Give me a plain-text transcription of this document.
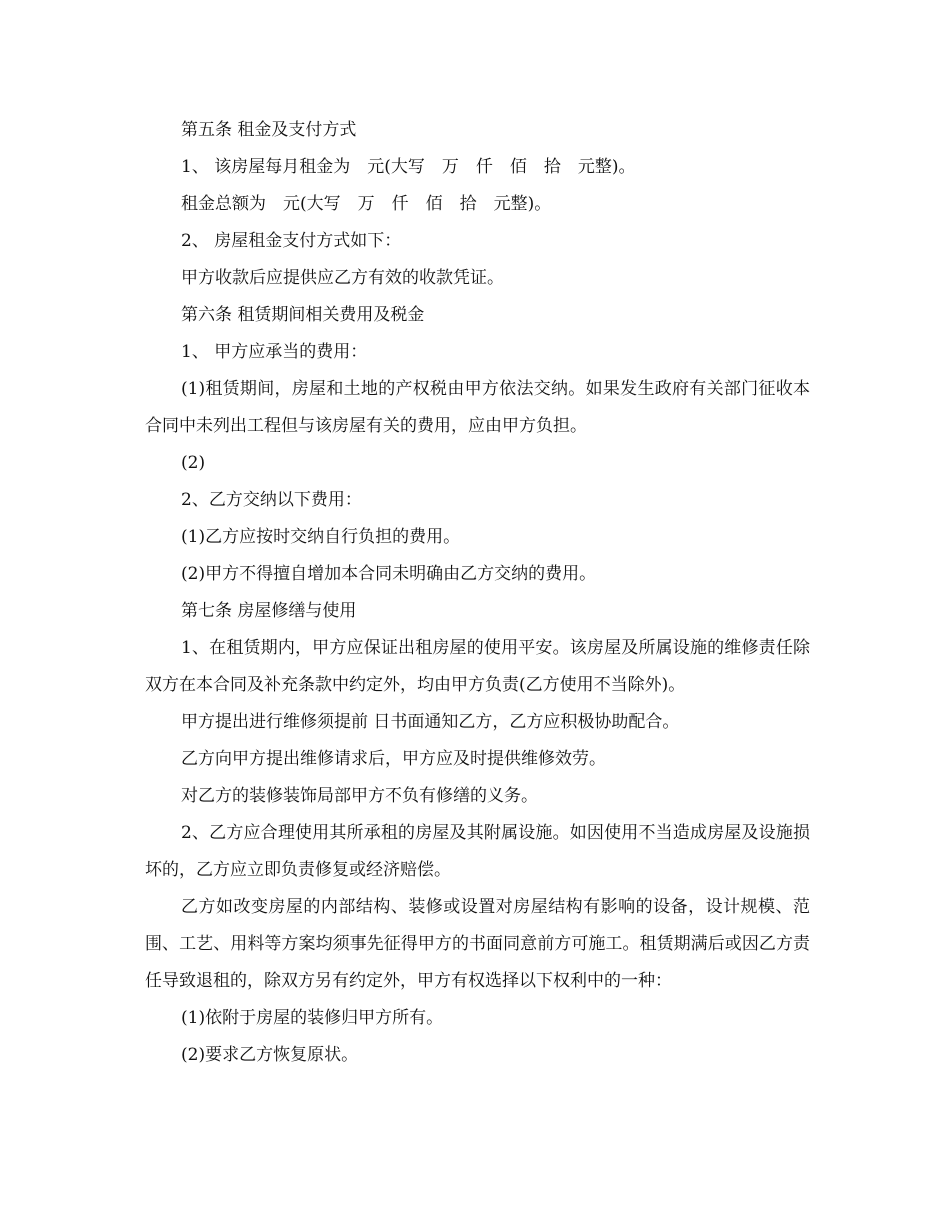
第五条 租金及支付方式

1、 该房屋每月租金为　元(大写　万　仟　佰　拾　元整)。

租金总额为　元(大写　万　仟　佰　拾　元整)。

2、 房屋租金支付方式如下：

甲方收款后应提供应乙方有效的收款凭证。

第六条 租赁期间相关费用及税金

1、 甲方应承当的费用：

(1)租赁期间，房屋和土地的产权税由甲方依法交纳。如果发生政府有关部门征收本合同中未列出工程但与该房屋有关的费用，应由甲方负担。

(2)

2、乙方交纳以下费用：

(1)乙方应按时交纳自行负担的费用。

(2)甲方不得擅自增加本合同未明确由乙方交纳的费用。

第七条 房屋修缮与使用

1、在租赁期内，甲方应保证出租房屋的使用平安。该房屋及所属设施的维修责任除双方在本合同及补充条款中约定外，均由甲方负责(乙方使用不当除外)。

甲方提出进行维修须提前 日书面通知乙方，乙方应积极协助配合。

乙方向甲方提出维修请求后，甲方应及时提供维修效劳。

对乙方的装修装饰局部甲方不负有修缮的义务。

2、乙方应合理使用其所承租的房屋及其附属设施。如因使用不当造成房屋及设施损坏的，乙方应立即负责修复或经济赔偿。

乙方如改变房屋的内部结构、装修或设置对房屋结构有影响的设备，设计规模、范围、工艺、用料等方案均须事先征得甲方的书面同意前方可施工。租赁期满后或因乙方责任导致退租的，除双方另有约定外，甲方有权选择以下权利中的一种：

(1)依附于房屋的装修归甲方所有。

(2)要求乙方恢复原状。
